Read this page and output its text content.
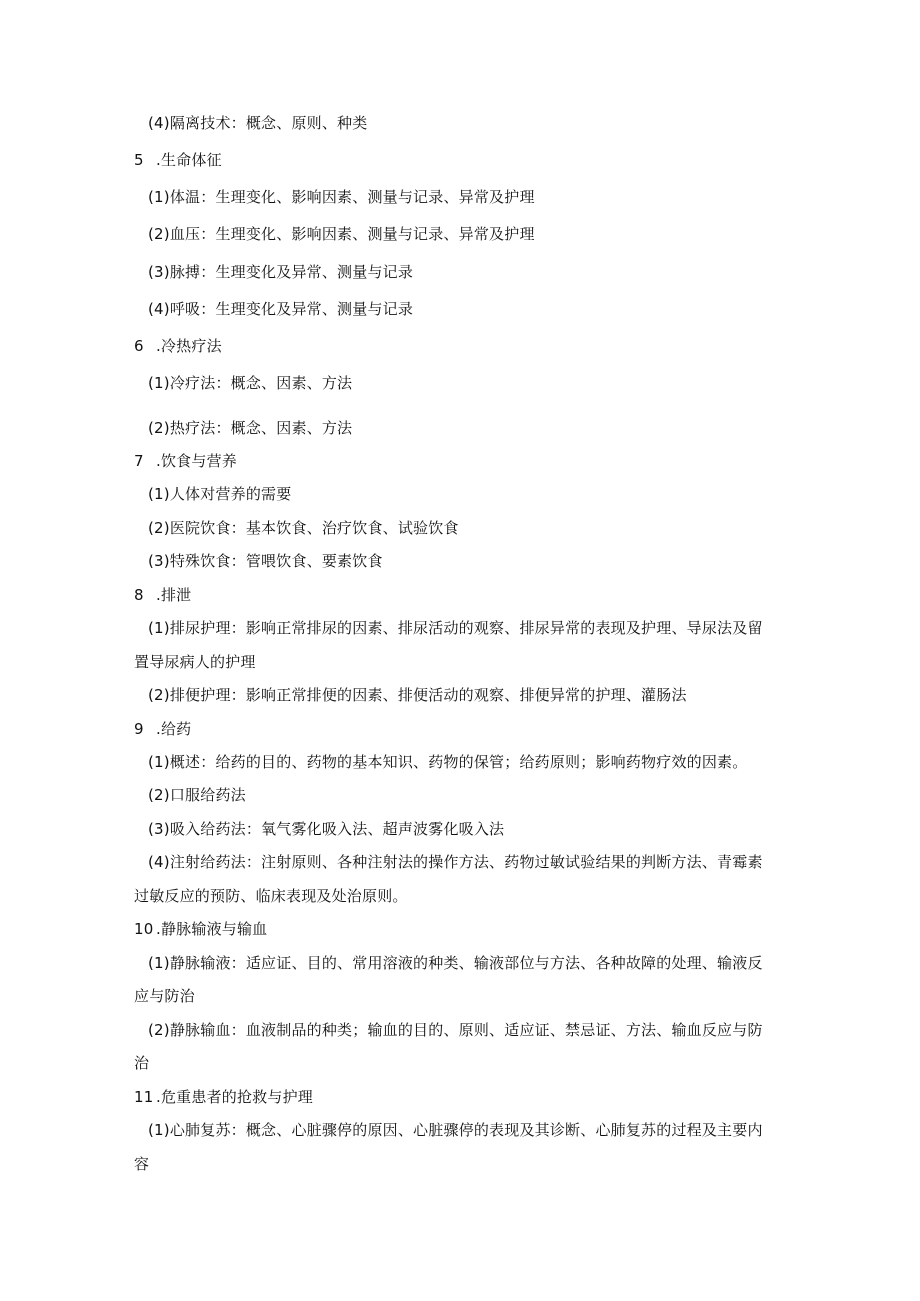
(4)隔离技术：概念、原则、种类
5 .生命体征
(1)体温：生理变化、影响因素、测量与记录、异常及护理
(2)血压：生理变化、影响因素、测量与记录、异常及护理
(3)脉搏：生理变化及异常、测量与记录
(4)呼吸：生理变化及异常、测量与记录
6 .冷热疗法
(1)冷疗法：概念、因素、方法
(2)热疗法：概念、因素、方法
7 .饮食与营养
(1)人体对营养的需要
(2)医院饮食：基本饮食、治疗饮食、试验饮食
(3)特殊饮食：管喂饮食、要素饮食
8 .排泄
(1)排尿护理：影响正常排尿的因素、排尿活动的观察、排尿异常的表现及护理、导尿法及留
置导尿病人的护理
(2)排便护理：影响正常排便的因素、排便活动的观察、排便异常的护理、灌肠法
9 .给药
(1)概述：给药的目的、药物的基本知识、药物的保管；给药原则；影响药物疗效的因素。
(2)口服给药法
(3)吸入给药法：氧气雾化吸入法、超声波雾化吸入法
(4)注射给药法：注射原则、各种注射法的操作方法、药物过敏试验结果的判断方法、青霉素
过敏反应的预防、临床表现及处治原则。
10 .静脉输液与输血
(1)静脉输液：适应证、目的、常用溶液的种类、输液部位与方法、各种故障的处理、输液反
应与防治
(2)静脉输血：血液制品的种类；输血的目的、原则、适应证、禁忌证、方法、输血反应与防
治
11 .危重患者的抢救与护理
(1)心肺复苏：概念、心脏骤停的原因、心脏骤停的表现及其诊断、心肺复苏的过程及主要内
容
